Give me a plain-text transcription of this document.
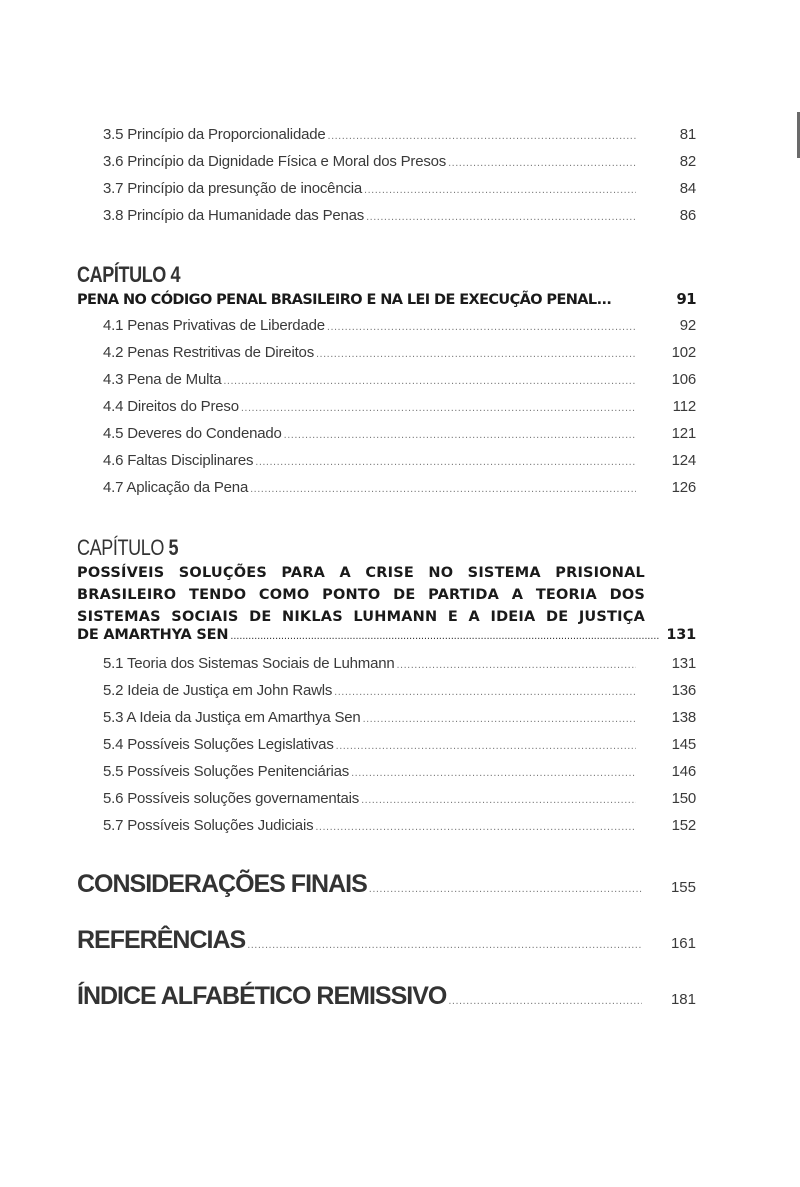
3.5 Princípio da Proporcionalidade .....	81
3.6 Princípio da Dignidade Física e Moral dos Presos .....	82
3.7 Princípio da presunção de inocência .....	84
3.8 Princípio da Humanidade das Penas .....	86
CAPÍTULO 4
PENA NO CÓDIGO PENAL BRASILEIRO E NA LEI DE EXECUÇÃO PENAL...	91
4.1 Penas Privativas de Liberdade .....	92
4.2 Penas Restritivas de Direitos .....	102
4.3 Pena de Multa .....	106
4.4 Direitos do Preso .....	112
4.5 Deveres do Condenado .....	121
4.6 Faltas Disciplinares .....	124
4.7 Aplicação da Pena .....	126
CAPÍTULO 5
POSSÍVEIS SOLUÇÕES PARA A CRISE NO SISTEMA PRISIONAL
BRASILEIRO TENDO COMO PONTO DE PARTIDA A TEORIA DOS
SISTEMAS SOCIAIS DE NIKLAS LUHMANN E A IDEIA DE JUSTIÇA
DE AMARTHYA SEN .....	131
5.1 Teoria dos Sistemas Sociais de Luhmann .....	131
5.2 Ideia de Justiça em John Rawls .....	136
5.3 A Ideia da Justiça em Amarthya Sen .....	138
5.4 Possíveis Soluções Legislativas .....	145
5.5 Possíveis Soluções Penitenciárias .....	146
5.6 Possíveis soluções governamentais .....	150
5.7 Possíveis Soluções Judiciais .....	152
CONSIDERAÇÕES FINAIS .....	155
REFERÊNCIAS .....	161
ÍNDICE ALFABÉTICO REMISSIVO .....	181
